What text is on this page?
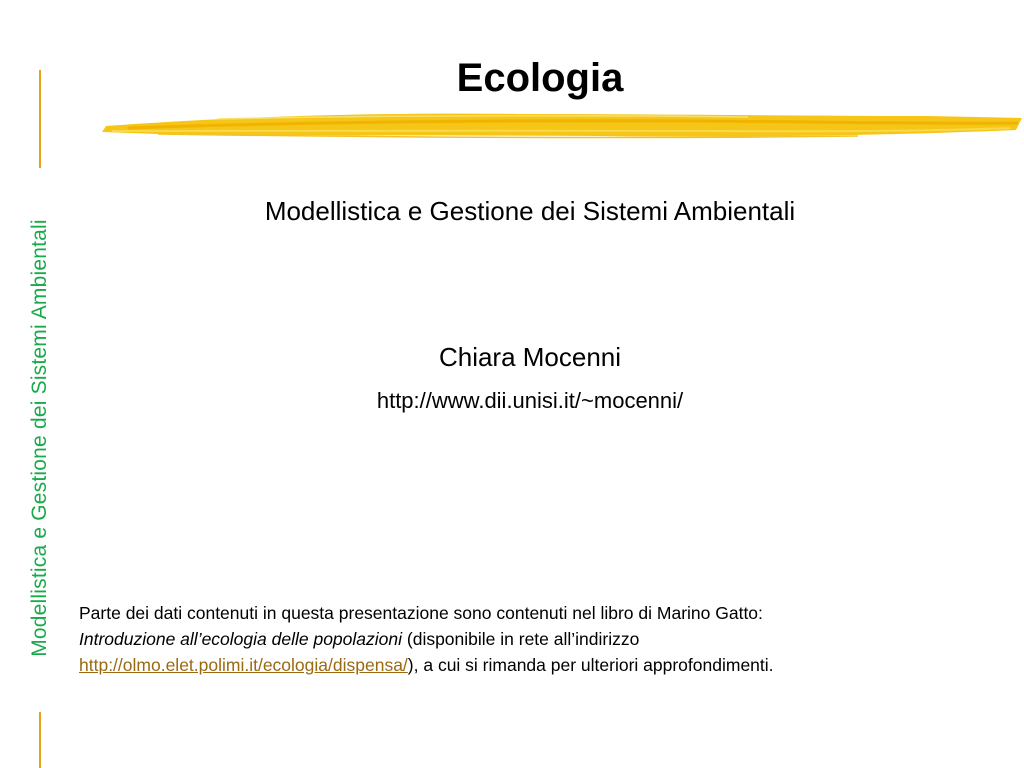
Modellistica e Gestione dei Sistemi Ambientali
Ecologia
Modellistica e Gestione dei Sistemi Ambientali
Chiara Mocenni
http://www.dii.unisi.it/~mocenni/
Parte dei dati contenuti in questa presentazione sono contenuti nel libro di Marino Gatto:
Introduzione all’ecologia delle popolazioni (disponibile in rete all’indirizzo
http://olmo.elet.polimi.it/ecologia/dispensa/), a cui si rimanda per ulteriori approfondimenti.
